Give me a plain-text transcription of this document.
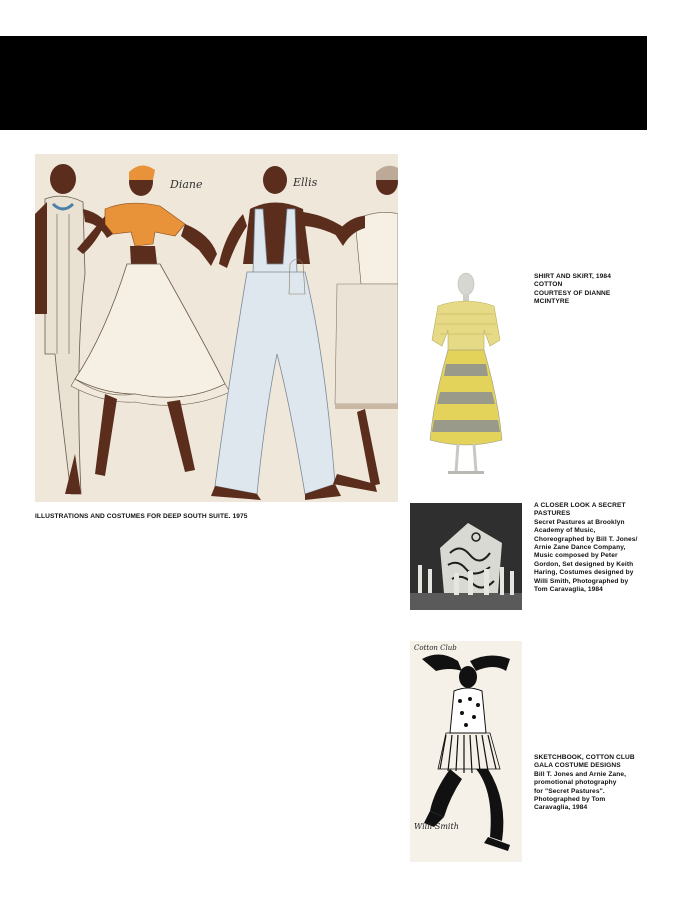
Diane	Ellis
ILLUSTRATIONS AND COSTUMES FOR DEEP SOUTH SUITE. 1975
SHIRT AND SKIRT, 1984
COTTON
COURTESY OF DIANNE
MCINTYRE
A CLOSER LOOK A SECRET
PASTURES
Secret Pastures at Brooklyn
Academy of Music,
Choreographed by Bill T. Jones/
Arnie Zane Dance Company,
Music composed by Peter
Gordon, Set designed by Keith
Haring, Costumes designed by
Willi Smith, Photographed by
Tom Caravaglia, 1984
Cotton Club
Willi Smith
SKETCHBOOK, COTTON CLUB
GALA COSTUME DESIGNS
Bill T. Jones and Arnie Zane,
promotional photography
for "Secret Pastures".
Photographed by Tom
Caravaglia, 1984
